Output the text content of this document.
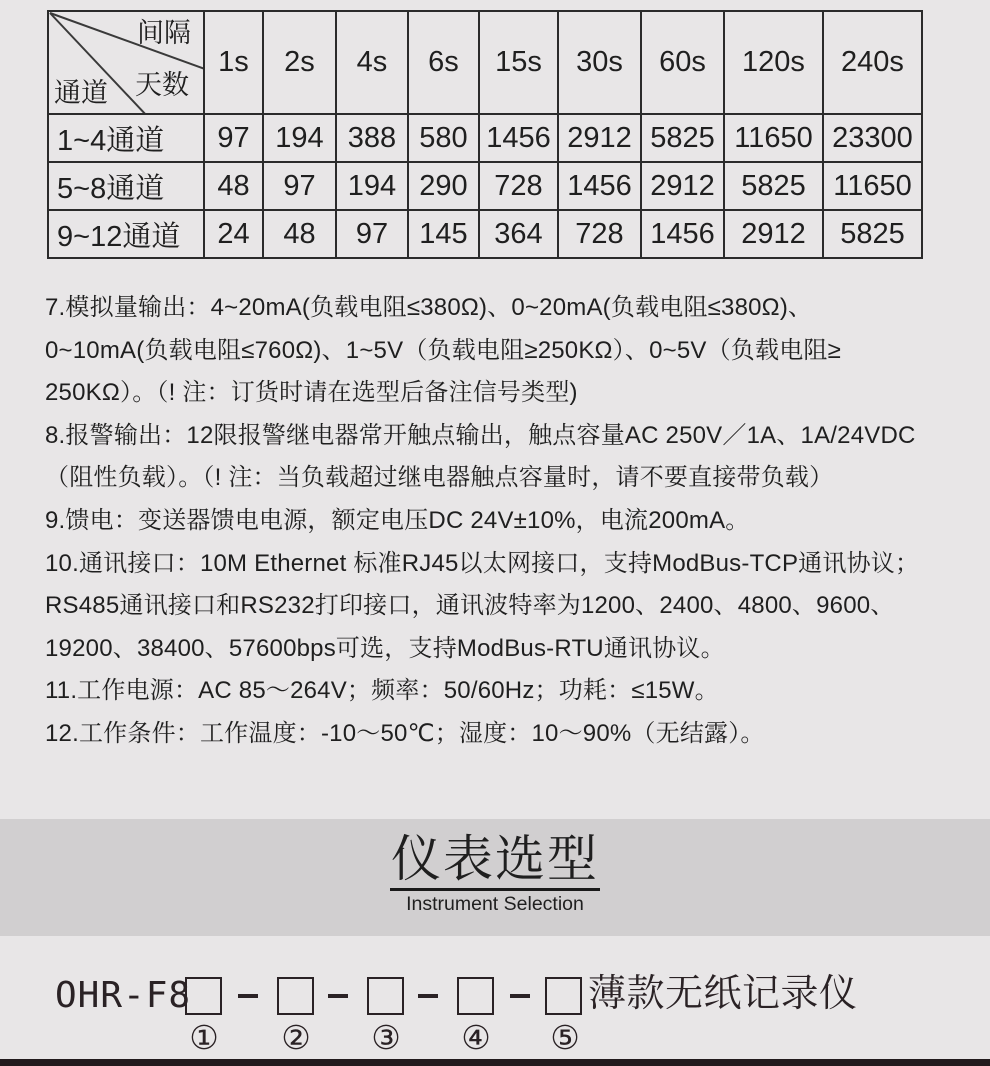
间隔
天数
通道	1s	2s	4s	6s	15s	30s	60s	120s	240s
1~4通道	97	194	388	580	1456	2912	5825	11650	23300
5~8通道	48	97	194	290	728	1456	2912	5825	11650
9~12通道	24	48	97	145	364	728	1456	2912	5825
7.模拟量输出：4~20mA(负载电阻≤380Ω)、0~20mA(负载电阻≤380Ω)、
0~10mA(负载电阻≤760Ω)、1~5V（负载电阻≥250KΩ）、0~5V（负载电阻≥
250KΩ）。（! 注：订货时请在选型后备注信号类型)
8.报警输出：12限报警继电器常开触点输出，触点容量AC 250V／1A、1A/24VDC
（阻性负载）。（! 注：当负载超过继电器触点容量时，请不要直接带负载）
9.馈电：变送器馈电电源，额定电压DC 24V±10%，电流200mA。
10.通讯接口：10M Ethernet 标准RJ45以太网接口，支持ModBus-TCP通讯协议；
RS485通讯接口和RS232打印接口，通讯波特率为1200、2400、4800、9600、
19200、38400、57600bps可选，支持ModBus-RTU通讯协议。
11.工作电源：AC 85～264V；频率：50/60Hz；功耗：≤15W。
12.工作条件：工作温度：-10～50℃；湿度：10～90%（无结露）。
仪表选型
Instrument Selection
OHR-F8	薄款无纸记录仪
① ② ③ ④ ⑤
